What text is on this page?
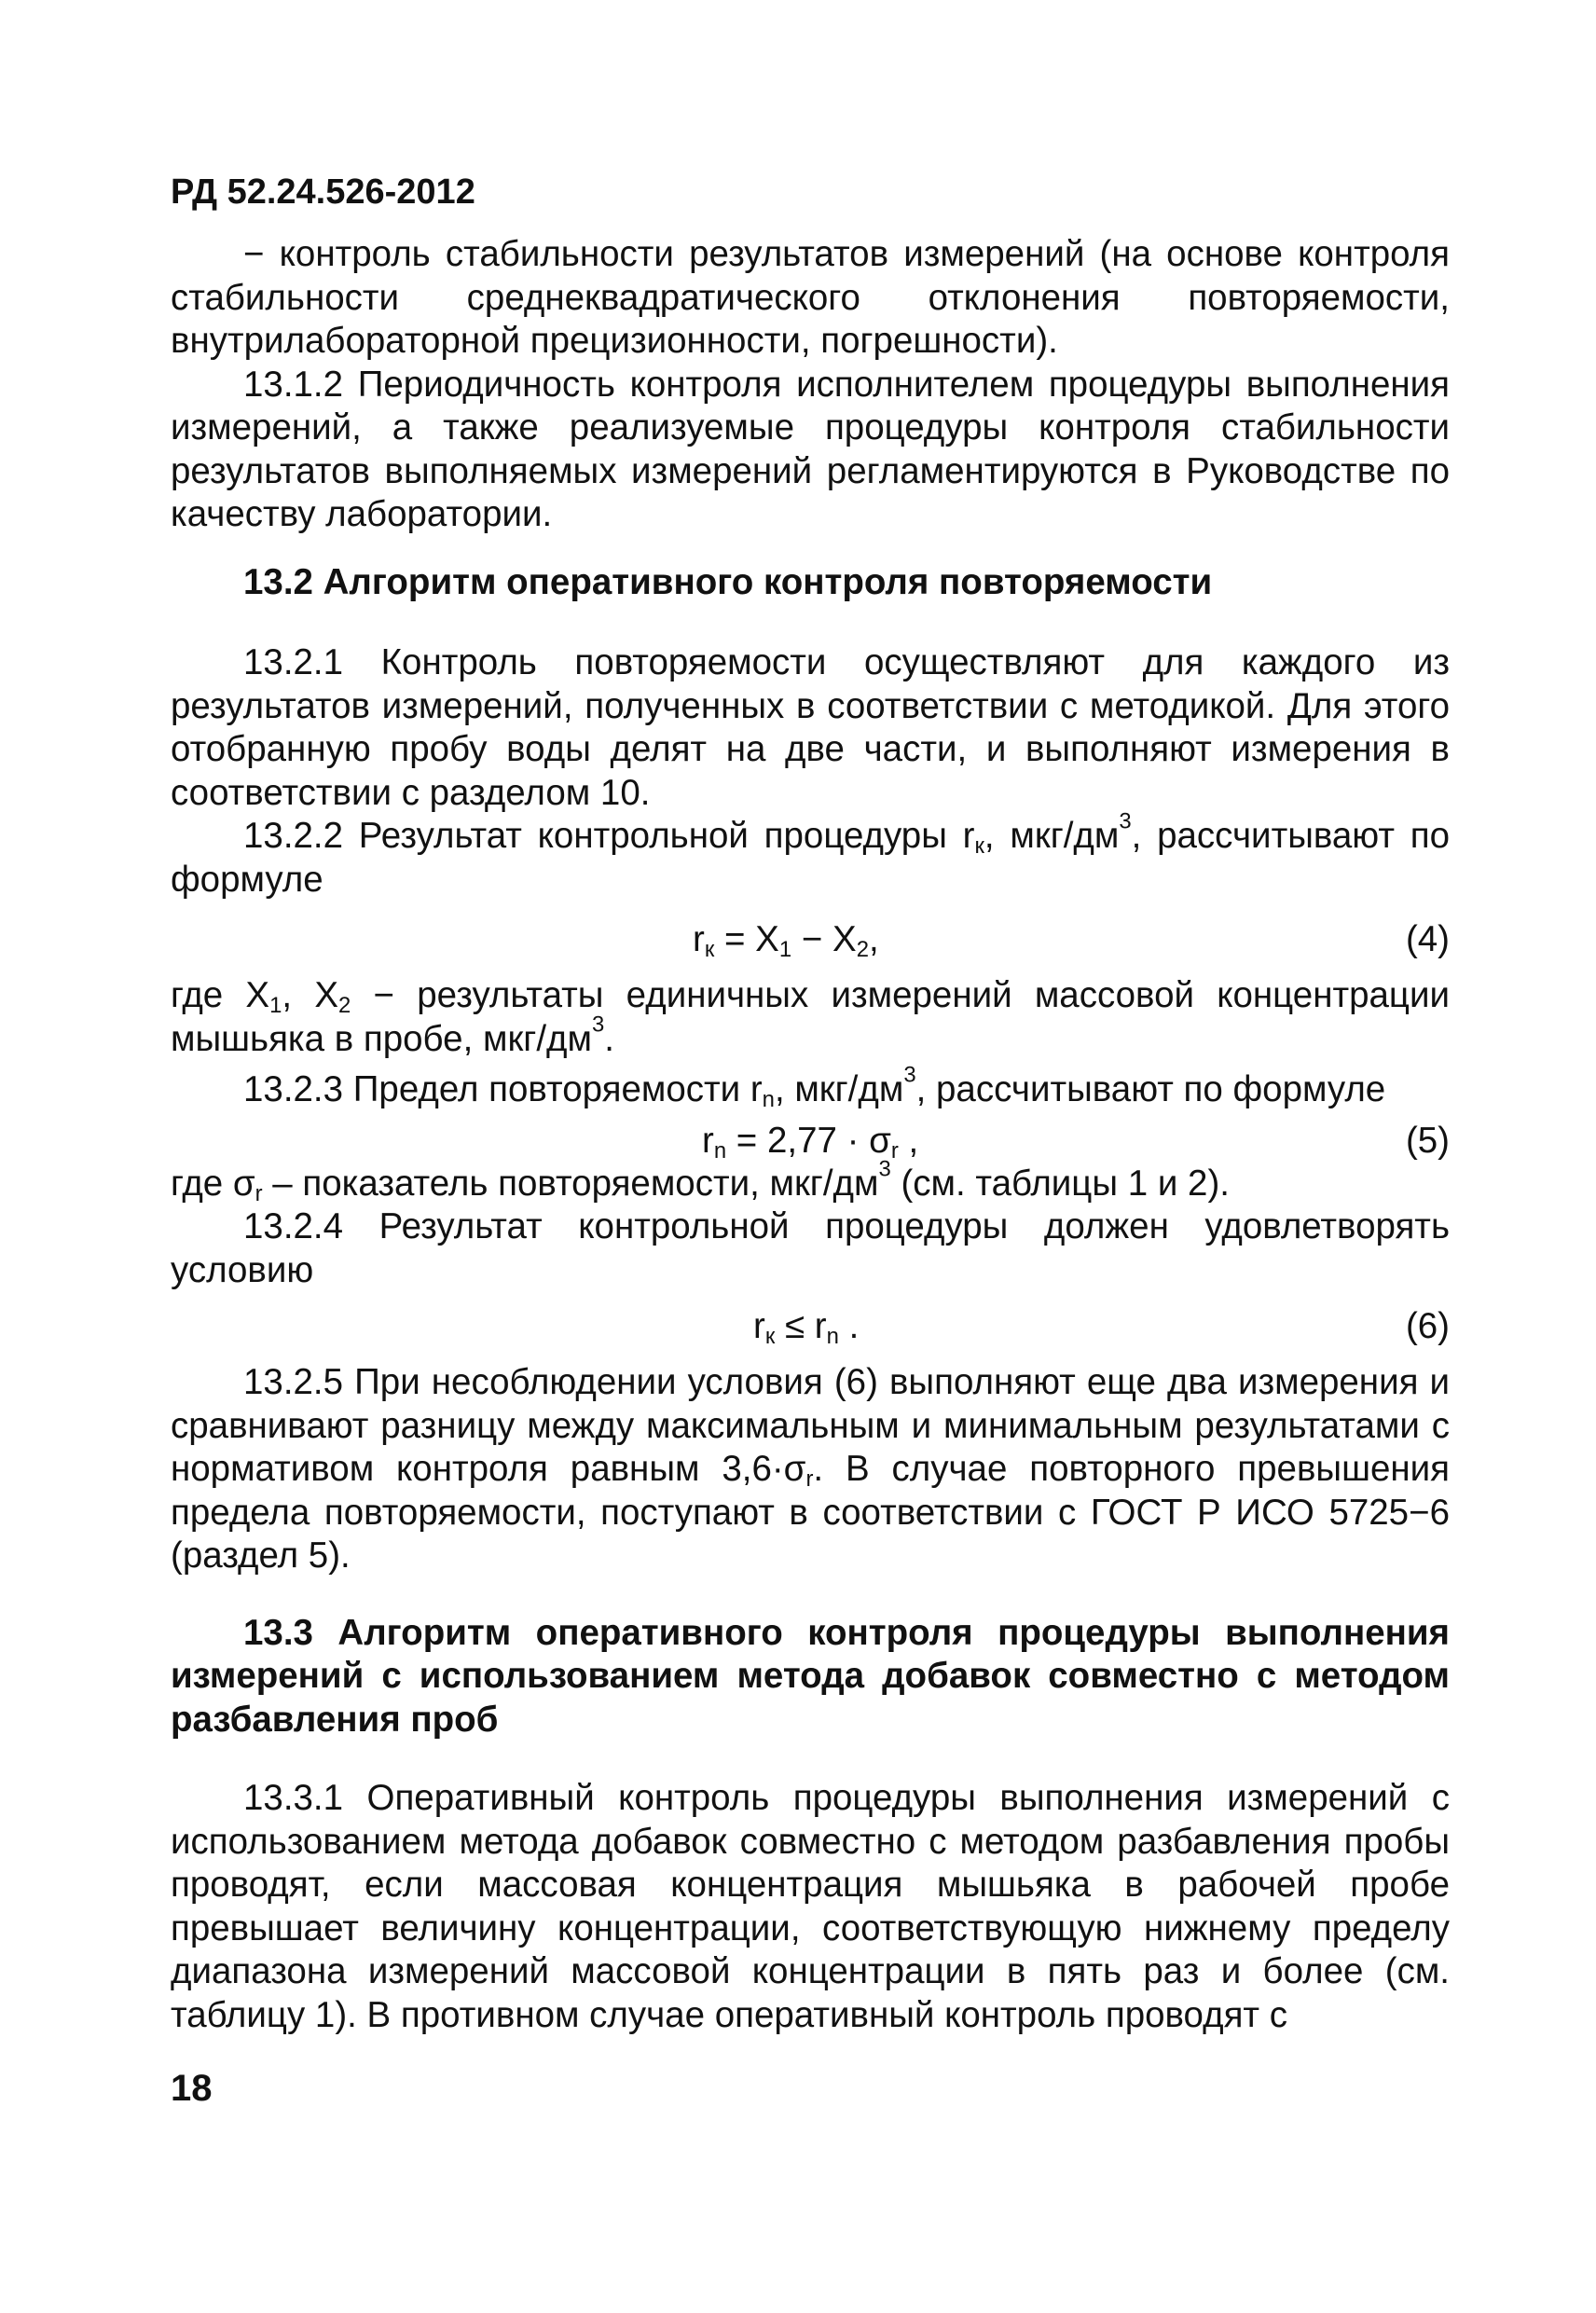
РД 52.24.526-2012

− контроль стабильности результатов измерений (на основе контроля стабильности среднеквадратического отклонения повторяемости, внутрилабораторной прецизионности, погрешности).

13.1.2 Периодичность контроля исполнителем процедуры выполнения измерений, а также реализуемые процедуры контроля стабильности результатов выполняемых измерений регламентируются в Руководстве по качеству лаборатории.

13.2 Алгоритм оперативного контроля повторяемости

13.2.1 Контроль повторяемости осуществляют для каждого из результатов измерений, полученных в соответствии с методикой. Для этого отобранную пробу воды делят на две части, и выполняют измерения в соответствии с разделом 10.

13.2.2 Результат контрольной процедуры $r_к$, мкг/$дм^3$, рассчитывают по формуле

$r_к = X_1 - X_2$,	(4)

где $X_1$, $X_2$ − результаты единичных измерений массовой концентрации мышьяка в пробе, мкг/$дм^3$.

13.2.3 Предел повторяемости $r_n$, мкг/$дм^3$, рассчитывают по формуле

$r_n = 2,77 \cdot \sigma_r$ ,	(5)

где $\sigma_r$ – показатель повторяемости, мкг/$дм^3$ (см. таблицы 1 и 2).

13.2.4 Результат контрольной процедуры должен удовлетворять условию

$r_к \le r_n$ .	(6)

13.2.5 При несоблюдении условия (6) выполняют еще два измерения и сравнивают разницу между максимальным и минимальным результатами с нормативом контроля равным $3,6\cdot\sigma_r$. В случае повторного превышения предела повторяемости, поступают в соответствии с ГОСТ Р ИСО 5725−6 (раздел 5).

13.3 Алгоритм оперативного контроля процедуры выполнения измерений с использованием метода добавок совместно с методом разбавления проб

13.3.1 Оперативный контроль процедуры выполнения измерений с использованием метода добавок совместно с методом разбавления пробы проводят, если массовая концентрация мышьяка в рабочей пробе превышает величину концентрации, соответствующую нижнему пределу диапазона измерений массовой концентрации в пять раз и более (см. таблицу 1). В противном случае оперативный контроль проводят с

18
